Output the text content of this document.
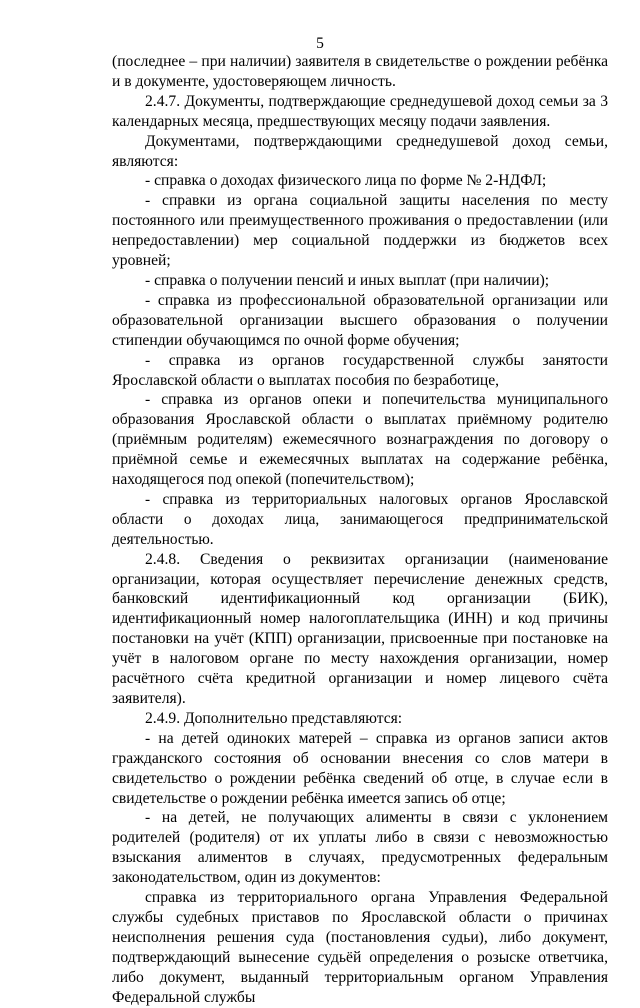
5

(последнее – при наличии) заявителя в свидетельстве о рождении ребёнка и в документе, удостоверяющем личность.

2.4.7. Документы, подтверждающие среднедушевой доход семьи за 3 календарных месяца, предшествующих месяцу подачи заявления.

Документами, подтверждающими среднедушевой доход семьи, являются:

- справка о доходах физического лица по форме № 2-НДФЛ;

- справки из органа социальной защиты населения по месту постоянного или преимущественного проживания о предоставлении (или непредоставлении) мер социальной поддержки из бюджетов всех уровней;

- справка о получении пенсий и иных выплат (при наличии);

- справка из профессиональной образовательной организации или образовательной организации высшего образования о получении стипендии обучающимся по очной форме обучения;

- справка из органов государственной службы занятости Ярославской области о выплатах пособия по безработице,

- справка из органов опеки и попечительства муниципального образования Ярославской области о выплатах приёмному родителю (приёмным родителям) ежемесячного вознаграждения по договору о приёмной семье и ежемесячных выплатах на содержание ребёнка, находящегося под опекой (попечительством);

- справка из территориальных налоговых органов Ярославской области о доходах лица, занимающегося предпринимательской деятельностью.

2.4.8. Сведения о реквизитах организации (наименование организации, которая осуществляет перечисление денежных средств, банковский идентификационный код организации (БИК), идентификационный номер налогоплательщика (ИНН) и код причины постановки на учёт (КПП) организации, присвоенные при постановке на учёт в налоговом органе по месту нахождения организации, номер расчётного счёта кредитной организации и номер лицевого счёта заявителя).

2.4.9. Дополнительно представляются:

- на детей одиноких матерей – справка из органов записи актов гражданского состояния об основании внесения со слов матери в свидетельство о рождении ребёнка сведений об отце, в случае если в свидетельстве о рождении ребёнка имеется запись об отце;

- на детей, не получающих алименты в связи с уклонением родителей (родителя) от их уплаты либо в связи с невозможностью взыскания алиментов в случаях, предусмотренных федеральным законодательством, один из документов:

справка из территориального органа Управления Федеральной службы судебных приставов по Ярославской области о причинах неисполнения решения суда (постановления судьи), либо документ, подтверждающий вынесение судьёй определения о розыске ответчика, либо документ, выданный территориальным органом Управления Федеральной службы
